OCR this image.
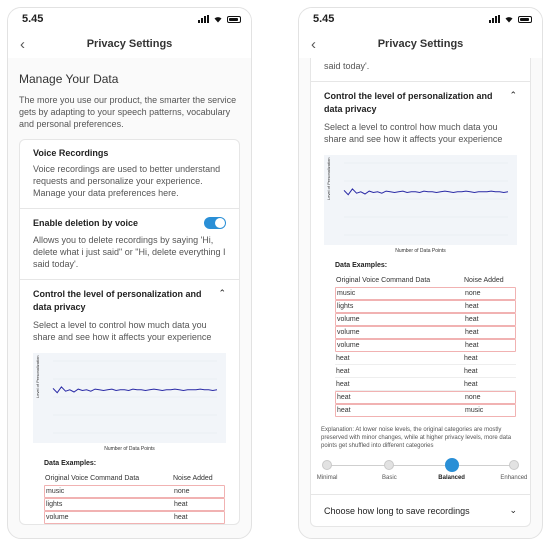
5.45
‹	Privacy Settings
Manage Your Data
The more you use our product, the smarter the service gets by adapting to your speech patterns, vocabulary and personal preferences.
Voice Recordings
Voice recordings are used to better understand requests and personalize your experience. Manage your data preferences here.
Enable deletion by voice
Allows you to delete recordings by saying 'Hi, delete what i just said" or "Hi, delete everything I said today'.
Control the level of personalization and data privacy
⌃
Select a level to control how much data you share and see how it affects your experience
Level of Personalization
Number of Data Points
Data Examples:
Original Voice Command Data	Noise Added
music	none
lights	heat
volume	heat
5.45
‹	Privacy Settings
said today'.
Control the level of personalization and data privacy
⌃
Select a level to control how much data you share and see how it affects your experience
Level of Personalization
Number of Data Points
Data Examples:
Original Voice Command Data	Noise Added
music	none
lights	heat
volume	heat
volume	heat
volume	heat
heat	heat
heat	heat
heat	heat
heat	none
heat	music
Explanation: At lower noise levels, the original categories are mostly preserved with minor changes, while at higher privacy levels, more data points get shuffled into different categories
Minimal	Basic	Balanced	Enhanced
Choose how long to save recordings	⌄
